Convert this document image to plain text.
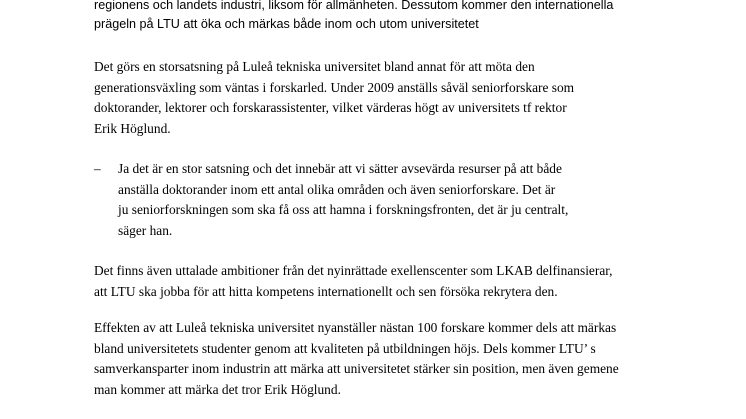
regionens och landets industri, liksom för allmänheten. Dessutom kommer den internationella
prägeln på LTU att öka och märkas både inom och utom universitetet

Det görs en storsatsning på Luleå tekniska universitet bland annat för att möta den
generationsväxling som väntas i forskarled. Under 2009 anställs såväl seniorforskare som
doktorander, lektorer och forskarassistenter, vilket värderas högt av universitets tf rektor
Erik Höglund.

– Ja det är en stor satsning och det innebär att vi sätter avsevärda resurser på att både
anställa doktorander inom ett antal olika områden och även seniorforskare. Det är
ju seniorforskningen som ska få oss att hamna i forskningsfronten, det är ju centralt,
säger han.

Det finns även uttalade ambitioner från det nyinrättade exellenscenter som LKAB delfinansierar,
att LTU ska jobba för att hitta kompetens internationellt och sen försöka rekrytera den.

Effekten av att Luleå tekniska universitet nyanställer nästan 100 forskare kommer dels att märkas
bland universitetets studenter genom att kvaliteten på utbildningen höjs. Dels kommer LTU’ s
samverkansparter inom industrin att märka att universitetet stärker sin position, men även gemene
man kommer att märka det tror Erik Höglund.
